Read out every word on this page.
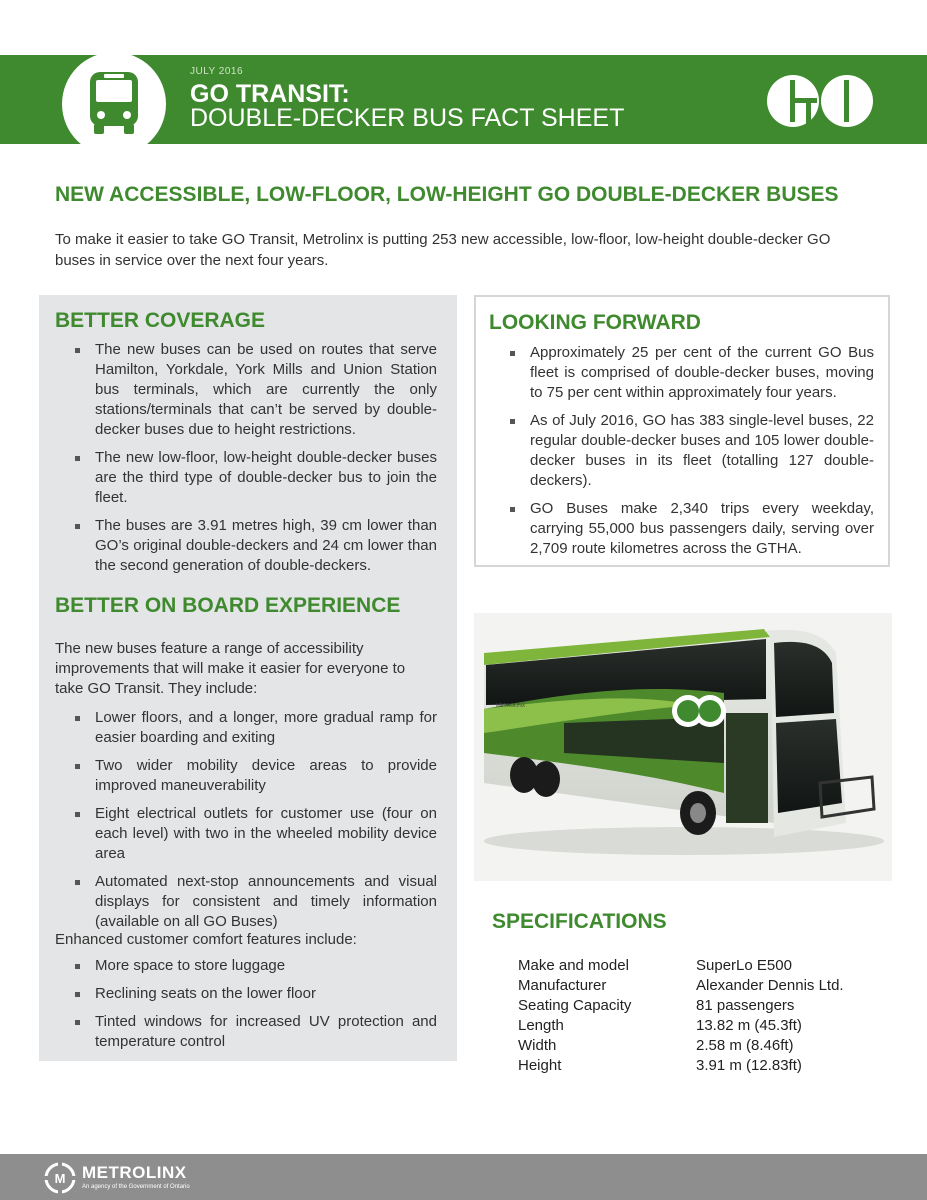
JULY 2016
GO TRANSIT:
DOUBLE-DECKER BUS FACT SHEET
NEW ACCESSIBLE, LOW-FLOOR, LOW-HEIGHT GO DOUBLE-DECKER BUSES
To make it easier to take GO Transit, Metrolinx is putting 253 new accessible, low-floor, low-height double-decker GO buses in service over the next four years.
BETTER COVERAGE
The new buses can be used on routes that serve Hamilton, Yorkdale, York Mills and Union Station bus terminals, which are currently the only stations/terminals that can’t be served by double-decker buses due to height restrictions.
The new low-floor, low-height double-decker buses are the third type of double-decker bus to join the fleet.
The buses are 3.91 metres high, 39 cm lower than GO’s original double-deckers and 24 cm lower than the second generation of double-deckers.
BETTER ON BOARD EXPERIENCE
The new buses feature a range of accessibility improvements that will make it easier for everyone to take GO Transit. They include:
Lower floors, and a longer, more gradual ramp for easier boarding and exiting
Two wider mobility device areas to provide improved maneuverability
Eight electrical outlets for customer use (four on each level) with two in the wheeled mobility device area
Automated next-stop announcements and visual displays for consistent and timely information (available on all GO Buses)
Enhanced customer comfort features include:
More space to store luggage
Reclining seats on the lower floor
Tinted windows for increased UV protection and temperature control
LOOKING FORWARD
Approximately 25 per cent of the current GO Bus fleet is comprised of double-decker buses, moving to 75 per cent within approximately four years.
As of July 2016, GO has 383 single-level buses, 22 regular double-decker buses and 105 lower double-decker buses in its fleet (totalling 127 double-deckers).
GO Buses make 2,340 trips every weekday, carrying 55,000 bus passengers daily, serving over 2,709 route kilometres across the GTHA.
METROLINX
SPECIFICATIONS
Make and model	SuperLo E500
Manufacturer	Alexander Dennis Ltd.
Seating Capacity	81 passengers
Length	13.82 m (45.3ft)
Width	2.58 m (8.46ft)
Height	3.91 m (12.83ft)
M METROLINX
An agency of the Government of Ontario
